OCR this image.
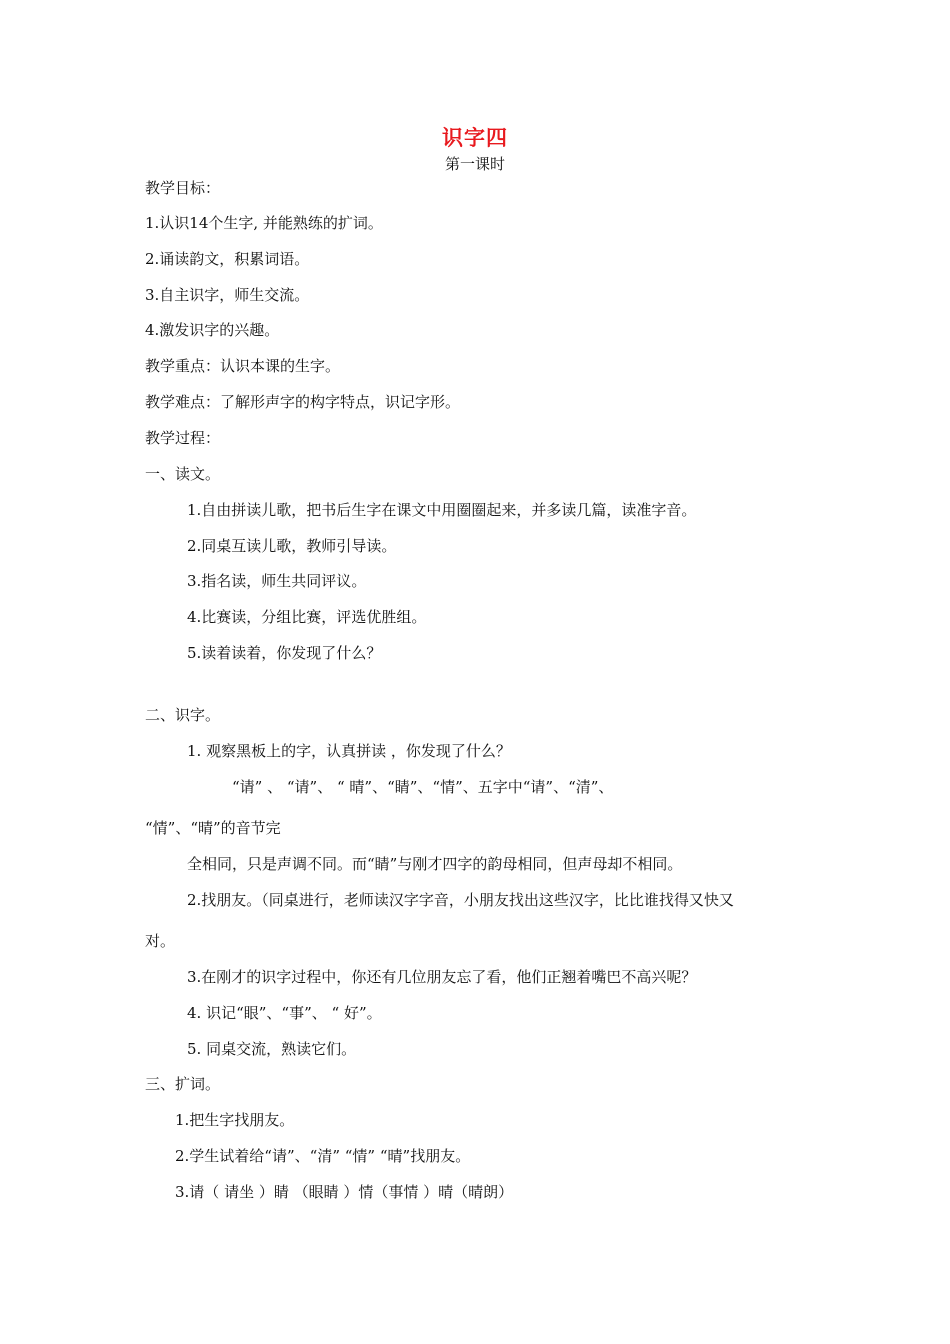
识字四
第一课时
教学目标：
1.认识14个生字, 并能熟练的扩词。
2.诵读韵文，积累词语。
3.自主识字，师生交流。
4.激发识字的兴趣。
教学重点：认识本课的生字。
教学难点：了解形声字的构字特点，识记字形。
教学过程：
一、读文。
1.自由拼读儿歌，把书后生字在课文中用圈圈起来，并多读几篇，读准字音。
2.同桌互读儿歌，教师引导读。
3.指名读，师生共同评议。
4.比赛读，分组比赛，评选优胜组。
5.读着读着，你发现了什么？
二、识字。
1. 观察黑板上的字，认真拼读 ，你发现了什么？
“请” 、 “请”、 “ 晴”、“睛”、“情”、五字中“请”、“清”、
“情”、“晴”的音节完
全相同，只是声调不同。而“睛”与刚才四字的韵母相同，但声母却不相同。
2.找朋友。（同桌进行，老师读汉字字音，小朋友找出这些汉字，比比谁找得又快又
对。
3.在刚才的识字过程中，你还有几位朋友忘了看，他们正翘着嘴巴不高兴呢？
4. 识记“眼”、“事”、 “ 好”。
5. 同桌交流，熟读它们。
三、扩词。
1.把生字找朋友。
2.学生试着给“请”、“清” “情” “晴”找朋友。
3.请（ 请坐 ）睛 （眼睛 ）情（事情 ）晴（晴朗）
